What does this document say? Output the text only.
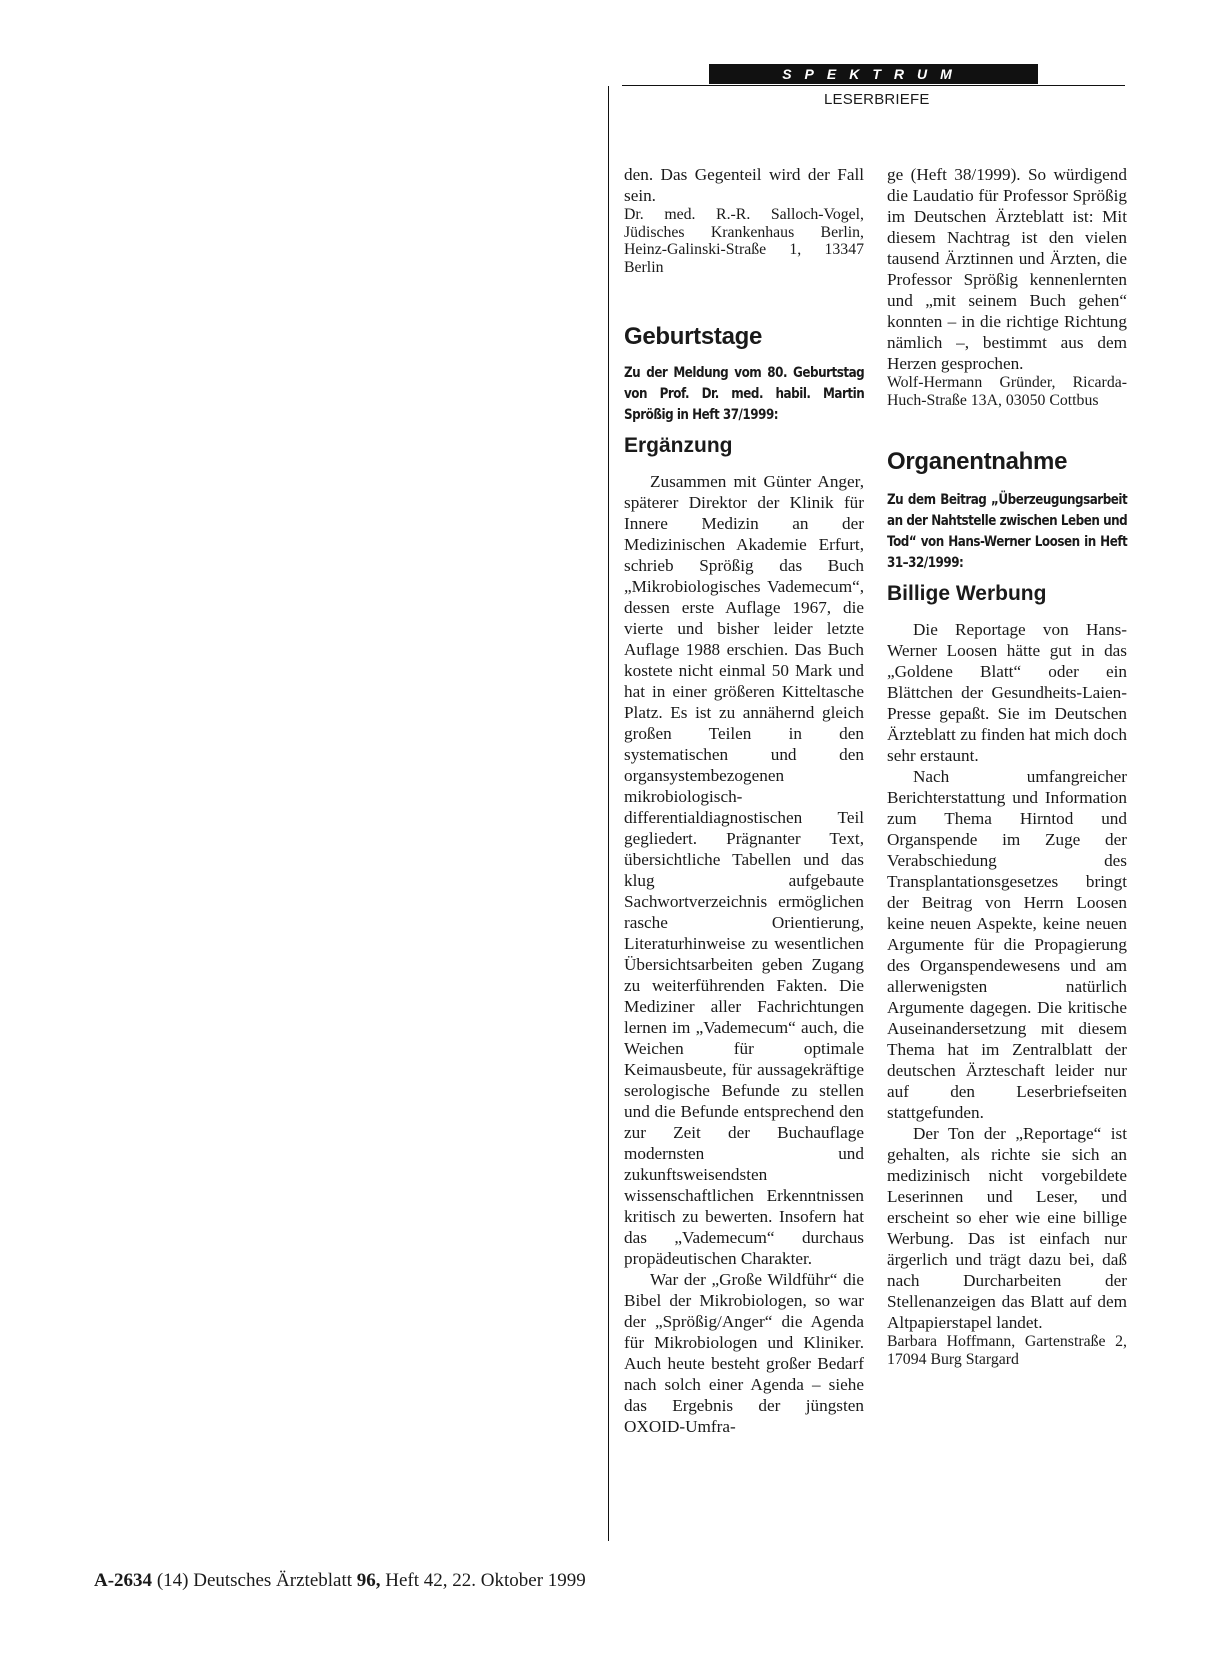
SPEKTRUM
LESERBRIEFE

den. Das Gegenteil wird der Fall sein.

Dr. med. R.-R. Salloch-Vogel, Jüdisches Krankenhaus Berlin, Heinz-Galinski-Straße 1, 13347 Berlin

Geburtstage

Zu der Meldung vom 80. Geburtstag von Prof. Dr. med. habil. Martin Sprößig in Heft 37/1999:

Ergänzung

Zusammen mit Günter Anger, späterer Direktor der Klinik für Innere Medizin an der Medizinischen Akademie Erfurt, schrieb Sprößig das Buch „Mikrobiologisches Vademecum“, dessen erste Auflage 1967, die vierte und bisher leider letzte Auflage 1988 erschien. Das Buch kostete nicht einmal 50 Mark und hat in einer größeren Kitteltasche Platz. Es ist zu annähernd gleich großen Teilen in den systematischen und den organsystembezogenen mikrobiologisch-differentialdiagnostischen Teil gegliedert. Prägnanter Text, übersichtliche Tabellen und das klug aufgebaute Sachwortverzeichnis ermöglichen rasche Orientierung, Literaturhinweise zu wesentlichen Übersichtsarbeiten geben Zugang zu weiterführenden Fakten. Die Mediziner aller Fachrichtungen lernen im „Vademecum“ auch, die Weichen für optimale Keimausbeute, für aussagekräftige serologische Befunde zu stellen und die Befunde entsprechend den zur Zeit der Buchauflage modernsten und zukunftsweisendsten wissenschaftlichen Erkenntnissen kritisch zu bewerten. Insofern hat das „Vademecum“ durchaus propädeutischen Charakter.

War der „Große Wildführ“ die Bibel der Mikrobiologen, so war der „Sprößig/Anger“ die Agenda für Mikrobiologen und Kliniker. Auch heute besteht großer Bedarf nach solch einer Agenda – siehe das Ergebnis der jüngsten OXOID-Umfra-

ge (Heft 38/1999). So würdigend die Laudatio für Professor Sprößig im Deutschen Ärzteblatt ist: Mit diesem Nachtrag ist den vielen tausend Ärztinnen und Ärzten, die Professor Sprößig kennenlernten und „mit seinem Buch gehen“ konnten – in die richtige Richtung nämlich –, bestimmt aus dem Herzen gesprochen.

Wolf-Hermann Gründer, Ricarda-Huch-Straße 13A, 03050 Cottbus

Organentnahme

Zu dem Beitrag „Überzeugungsarbeit an der Nahtstelle zwischen Leben und Tod“ von Hans-Werner Loosen in Heft 31–32/1999:

Billige Werbung

Die Reportage von Hans-Werner Loosen hätte gut in das „Goldene Blatt“ oder ein Blättchen der Gesundheits-Laien-Presse gepaßt. Sie im Deutschen Ärzteblatt zu finden hat mich doch sehr erstaunt.

Nach umfangreicher Berichterstattung und Information zum Thema Hirntod und Organspende im Zuge der Verabschiedung des Transplantationsgesetzes bringt der Beitrag von Herrn Loosen keine neuen Aspekte, keine neuen Argumente für die Propagierung des Organspendewesens und am allerwenigsten natürlich Argumente dagegen. Die kritische Auseinandersetzung mit diesem Thema hat im Zentralblatt der deutschen Ärzteschaft leider nur auf den Leserbriefseiten stattgefunden.

Der Ton der „Reportage“ ist gehalten, als richte sie sich an medizinisch nicht vorgebildete Leserinnen und Leser, und erscheint so eher wie eine billige Werbung. Das ist einfach nur ärgerlich und trägt dazu bei, daß nach Durcharbeiten der Stellenanzeigen das Blatt auf dem Altpapierstapel landet.

Barbara Hoffmann, Gartenstraße 2, 17094 Burg Stargard

A-2634 (14) Deutsches Ärzteblatt 96, Heft 42, 22. Oktober 1999
